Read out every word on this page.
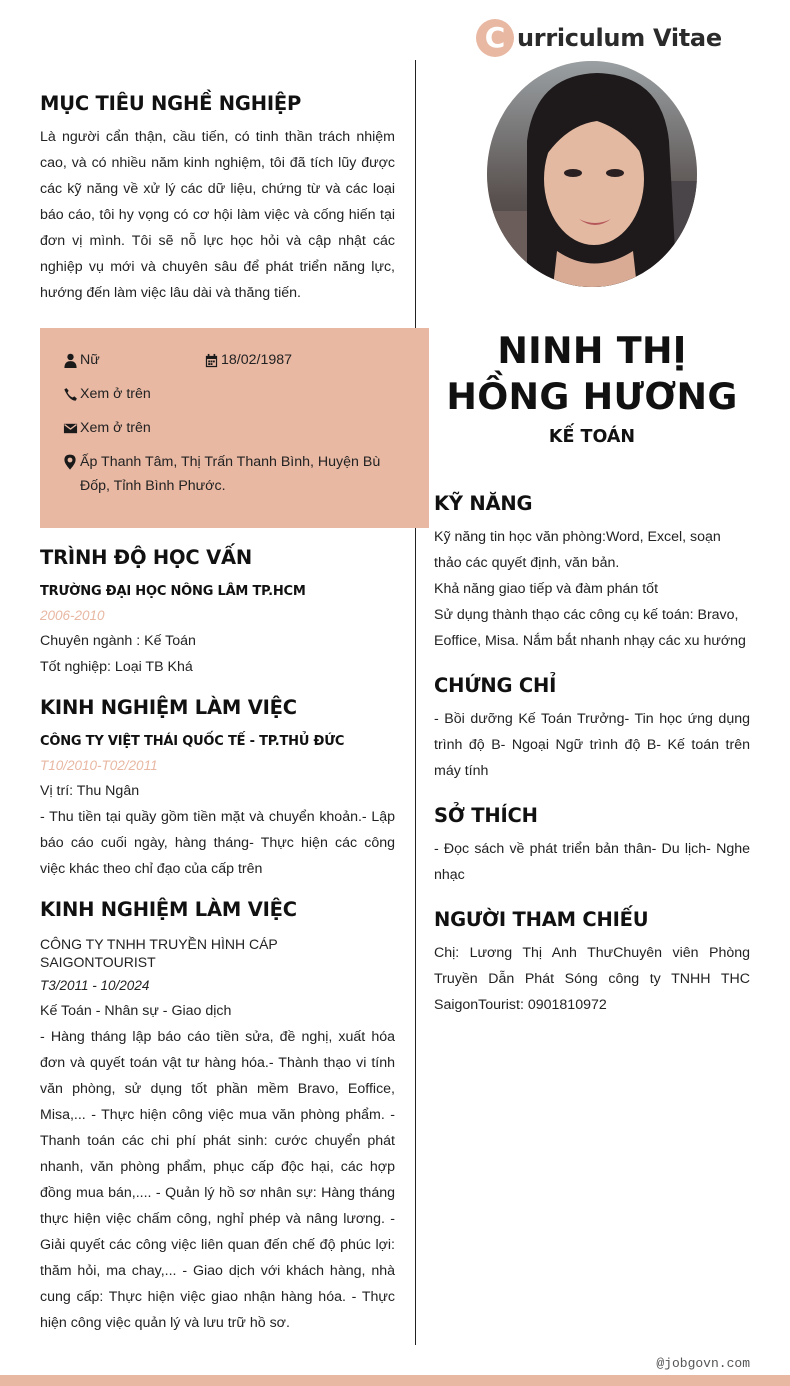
C urriculum Vitae
NINH THỊ HỒNG HƯƠNG
KẾ TOÁN
MỤC TIÊU NGHỀ NGHIỆP
Là người cẩn thận, cầu tiến, có tinh thần trách nhiệm cao, và có nhiều năm kinh nghiệm, tôi đã tích lũy được các kỹ năng về xử lý các dữ liệu, chứng từ và các loại báo cáo, tôi hy vọng có cơ hội làm việc và cống hiến tại đơn vị mình. Tôi sẽ nỗ lực học hỏi và cập nhật các nghiệp vụ mới và chuyên sâu để phát triển năng lực, hướng đến làm việc lâu dài và thăng tiến.
Nữ	18/02/1987
Xem ở trên
Xem ở trên
Ấp Thanh Tâm, Thị Trấn Thanh Bình, Huyện Bù
Đốp, Tỉnh Bình Phước.
TRÌNH ĐỘ HỌC VẤN
TRƯỜNG ĐẠI HỌC NÔNG LÂM TP.HCM
2006-2010
Chuyên ngành : Kế Toán
Tốt nghiệp: Loại TB Khá
KINH NGHIỆM LÀM VIỆC
CÔNG TY VIỆT THÁI QUỐC TẾ - TP.THỦ ĐỨC
T10/2010-T02/2011
Vị trí: Thu Ngân
- Thu tiền tại quầy gồm tiền mặt và chuyển khoản.- Lập báo cáo cuối ngày, hàng tháng- Thực hiện các công việc khác theo chỉ đạo của cấp trên
KINH NGHIỆM LÀM VIỆC
CÔNG TY TNHH TRUYỀN HÌNH CÁP SAIGONTOURIST
T3/2011 - 10/2024
Kế Toán - Nhân sự - Giao dịch
- Hàng tháng lập báo cáo tiền sửa, đề nghị, xuất hóa đơn và quyết toán vật tư hàng hóa.- Thành thạo vi tính văn phòng, sử dụng tốt phần mềm Bravo, Eoffice, Misa,... - Thực hiện công việc mua văn phòng phẩm. - Thanh toán các chi phí phát sinh: cước chuyển phát nhanh, văn phòng phẩm, phục cấp độc hại, các hợp đồng mua bán,.... - Quản lý hồ sơ nhân sự: Hàng tháng thực hiện việc chấm công, nghỉ phép và nâng lương. - Giải quyết các công việc liên quan đến chế độ phúc lợi: thăm hỏi, ma chay,... - Giao dịch với khách hàng, nhà cung cấp: Thực hiện việc giao nhận hàng hóa. - Thực hiện công việc quản lý và lưu trữ hồ sơ.
KỸ NĂNG
Kỹ năng tin học văn phòng:Word, Excel, soạn thảo các quyết định, văn bản.
Khả năng giao tiếp và đàm phán tốt
Sử dụng thành thạo các công cụ kế toán: Bravo, Eoffice, Misa. Nắm bắt nhanh nhạy các xu hướng
CHỨNG CHỈ
- Bồi dưỡng Kế Toán Trưởng- Tin học ứng dụng trình độ B- Ngoại Ngữ trình độ B- Kế toán trên máy tính
SỞ THÍCH
- Đọc sách về phát triển bản thân- Du lịch- Nghe nhạc
NGƯỜI THAM CHIẾU
Chị: Lương Thị Anh ThưChuyên viên Phòng Truyền Dẫn Phát Sóng công ty TNHH THC SaigonTourist: 0901810972
@jobgovn.com
